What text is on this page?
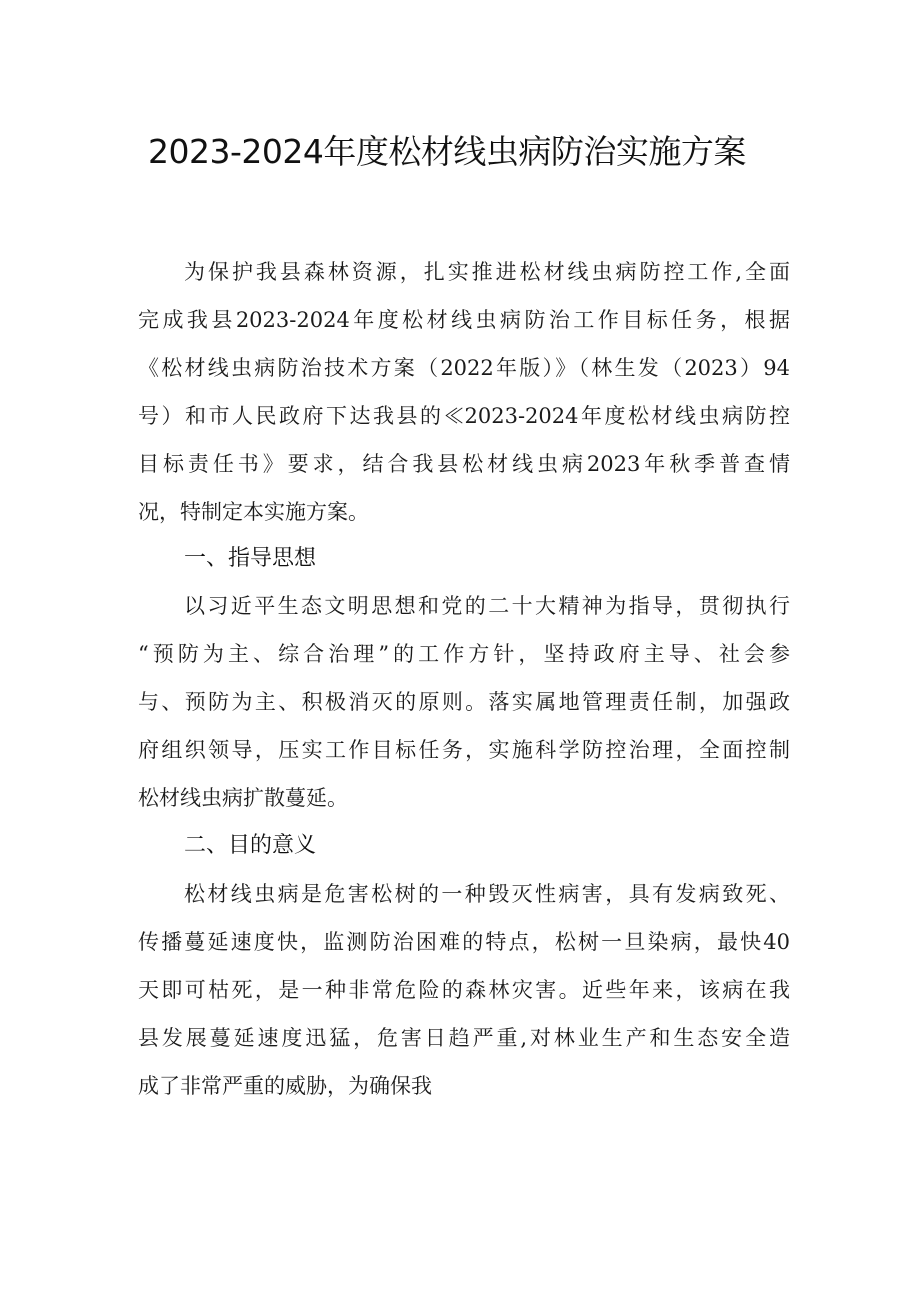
2023-2024年度松材线虫病防治实施方案
为保护我县森林资源，扎实推进松材线虫病防控工作,全面
完成我县2023-2024年度松材线虫病防治工作目标任务，根据
《松材线虫病防治技术方案（2022年版）》（林生发（2023）94
号）和市人民政府下达我县的≪2023-2024年度松材线虫病防控
目标责任书》要求，结合我县松材线虫病2023年秋季普查情
况，特制定本实施方案。
一、指导思想
以习近平生态文明思想和党的二十大精神为指导，贯彻执行
“预防为主、综合治理”的工作方针，坚持政府主导、社会参
与、预防为主、积极消灭的原则。落实属地管理责任制，加强政
府组织领导，压实工作目标任务，实施科学防控治理，全面控制
松材线虫病扩散蔓延。
二、目的意义
松材线虫病是危害松树的一种毁灭性病害，具有发病致死、
传播蔓延速度快，监测防治困难的特点，松树一旦染病，最快40
天即可枯死，是一种非常危险的森林灾害。近些年来，该病在我
县发展蔓延速度迅猛，危害日趋严重,对林业生产和生态安全造
成了非常严重的威胁，为确保我
